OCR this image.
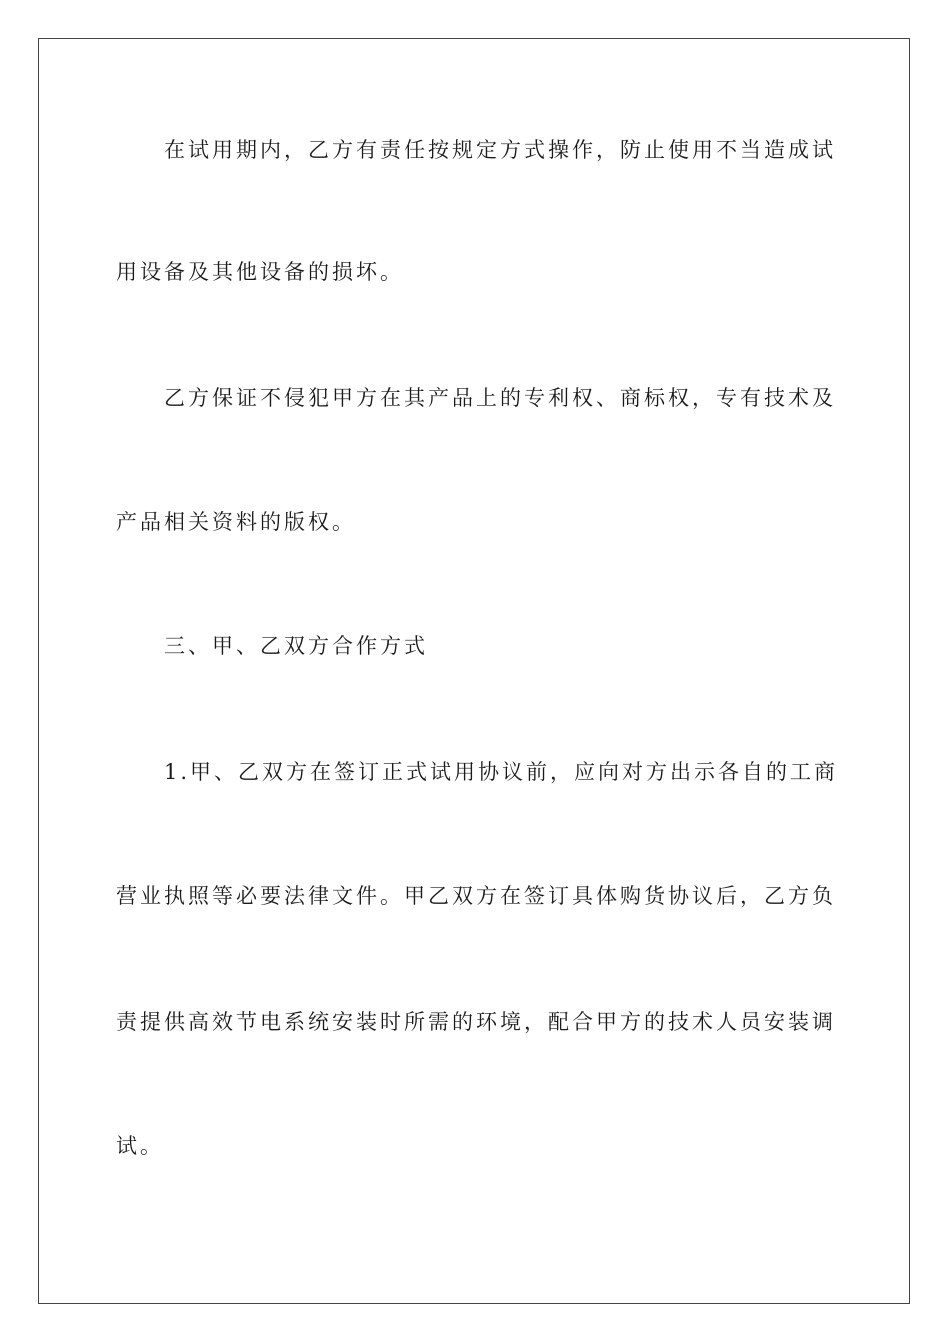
在试用期内，乙方有责任按规定方式操作，防止使用不当造成试
用设备及其他设备的损坏。
乙方保证不侵犯甲方在其产品上的专利权、商标权，专有技术及
产品相关资料的版权。
三、甲、乙双方合作方式
1.甲、乙双方在签订正式试用协议前，应向对方出示各自的工商
营业执照等必要法律文件。甲乙双方在签订具体购货协议后，乙方负
责提供高效节电系统安装时所需的环境，配合甲方的技术人员安装调
试。
